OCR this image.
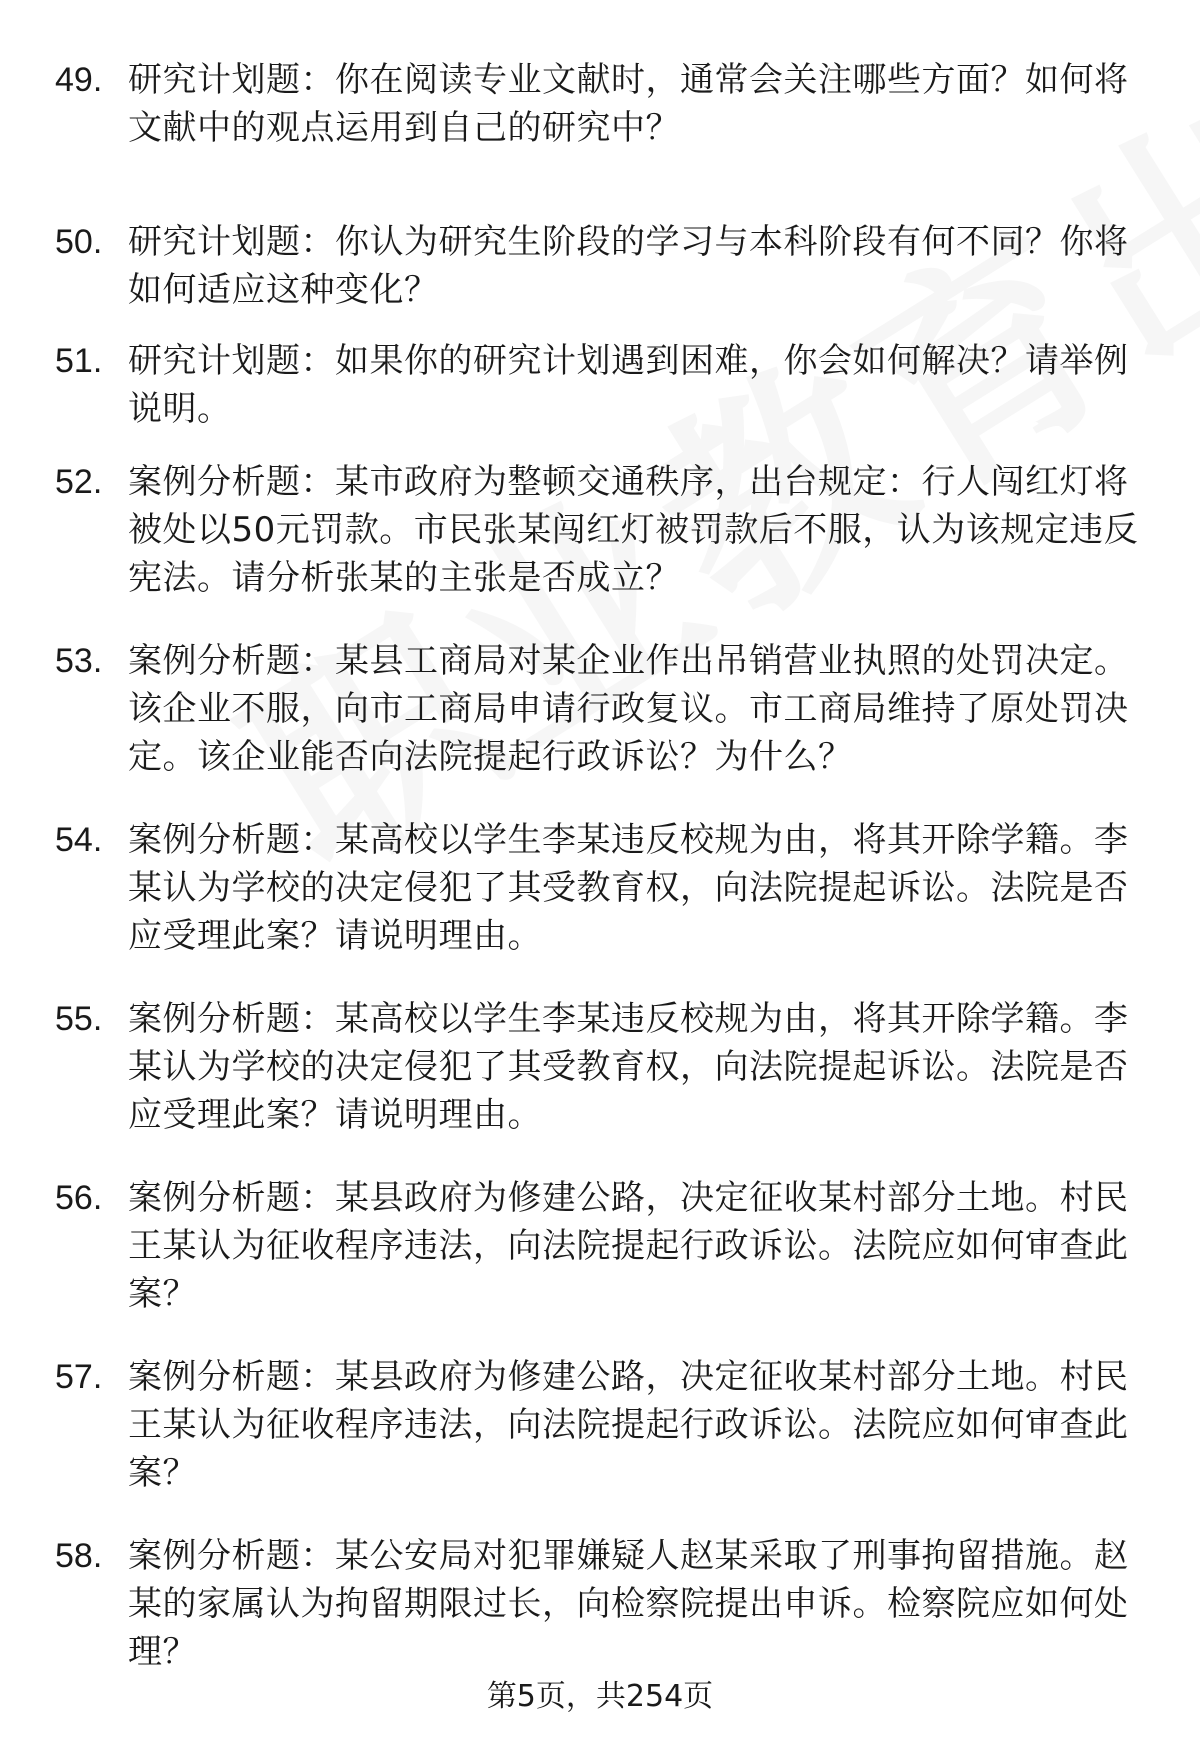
49. 研究计划题：你在阅读专业文献时，通常会关注哪些方面？如何将文献中的观点运用到自己的研究中？
50. 研究计划题：你认为研究生阶段的学习与本科阶段有何不同？你将如何适应这种变化？
51. 研究计划题：如果你的研究计划遇到困难，你会如何解决？请举例说明。
52. 案例分析题：某市政府为整顿交通秩序，出台规定：行人闯红灯将被处以50元罚款。市民张某闯红灯被罚款后不服，认为该规定违反宪法。请分析张某的主张是否成立？
53. 案例分析题：某县工商局对某企业作出吊销营业执照的处罚决定。该企业不服，向市工商局申请行政复议。市工商局维持了原处罚决定。该企业能否向法院提起行政诉讼？为什么？
54. 案例分析题：某高校以学生李某违反校规为由，将其开除学籍。李某认为学校的决定侵犯了其受教育权，向法院提起诉讼。法院是否应受理此案？请说明理由。
55. 案例分析题：某高校以学生李某违反校规为由，将其开除学籍。李某认为学校的决定侵犯了其受教育权，向法院提起诉讼。法院是否应受理此案？请说明理由。
56. 案例分析题：某县政府为修建公路，决定征收某村部分土地。村民王某认为征收程序违法，向法院提起行政诉讼。法院应如何审查此案？
57. 案例分析题：某县政府为修建公路，决定征收某村部分土地。村民王某认为征收程序违法，向法院提起行政诉讼。法院应如何审查此案？
58. 案例分析题：某公安局对犯罪嫌疑人赵某采取了刑事拘留措施。赵某的家属认为拘留期限过长，向检察院提出申诉。检察院应如何处理？
第5页，共254页
